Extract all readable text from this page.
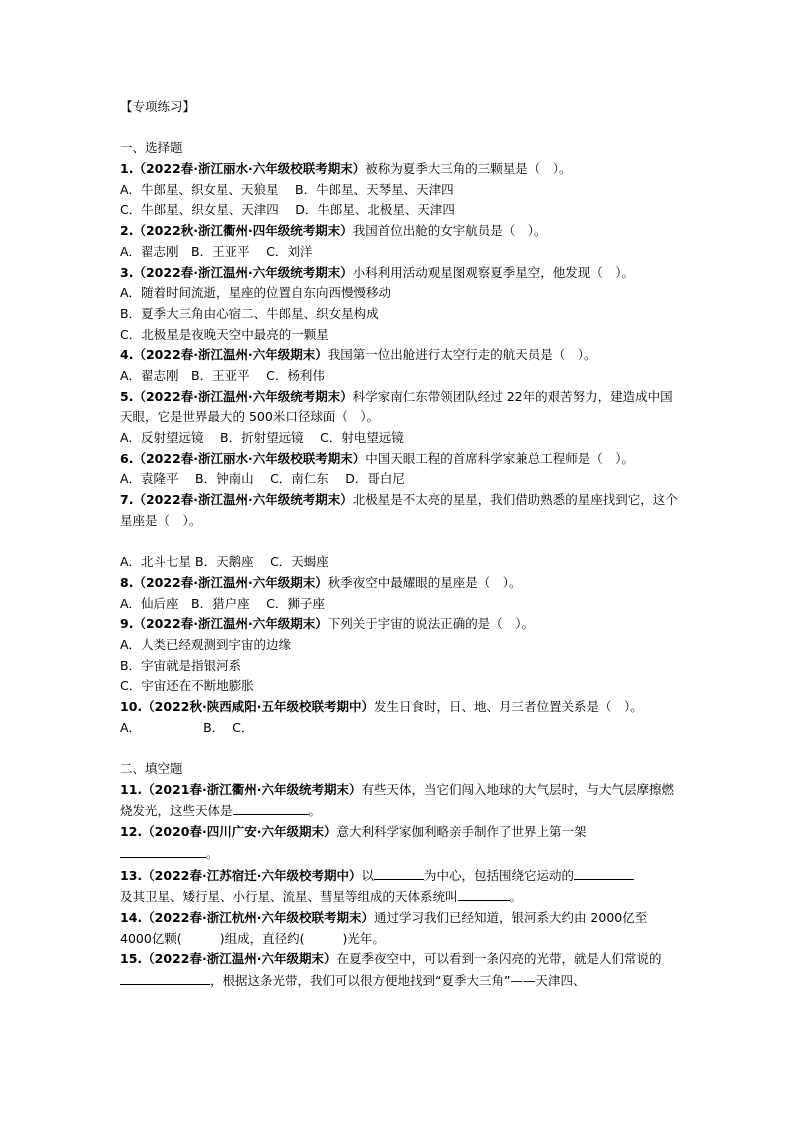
【专项练习】
一、选择题
1.（2022春·浙江丽水·六年级校联考期末）被称为夏季大三角的三颗星是（　）。
A．牛郎星、织女星、天狼星　 B．牛郎星、天琴星、天津四
C．牛郎星、织女星、天津四　 D．牛郎星、北极星、天津四
2.（2022秋·浙江衢州·四年级统考期末）我国首位出舱的女宇航员是（　）。
A．翟志刚　B．王亚平　 C．刘洋
3.（2022春·浙江温州·六年级统考期末）小科利用活动观星图观察夏季星空，他发现（　）。
A．随着时间流逝，星座的位置自东向西慢慢移动
B．夏季大三角由心宿二、牛郎星、织女星构成
C．北极星是夜晚天空中最亮的一颗星
4.（2022春·浙江温州·六年级期末）我国第一位出舱进行太空行走的航天员是（　）。
A．翟志刚　B．王亚平　 C．杨利伟
5.（2022春·浙江温州·六年级统考期末）科学家南仁东带领团队经过 22年的艰苦努力，建造成中国天眼，它是世界最大的 500米口径球面（　）。
A．反射望远镜　 B．折射望远镜　 C．射电望远镜
6.（2022春·浙江丽水·六年级校联考期末）中国天眼工程的首席科学家兼总工程师是（　）。
A．袁隆平　 B．钟南山　 C．南仁东　 D．哥白尼
7.（2022春·浙江温州·六年级统考期末）北极星是不太亮的星星，我们借助熟悉的星座找到它，这个星座是（　）。
A．北斗七星 B．天鹅座　 C．天蝎座
8.（2022春·浙江温州·六年级期末）秋季夜空中最耀眼的星座是（　）。
A．仙后座　B．猎户座　 C．狮子座
9.（2022春·浙江温州·六年级期末）下列关于宇宙的说法正确的是（　）。
A．人类已经观测到宇宙的边缘
B．宇宙就是指银河系
C．宇宙还在不断地膨胀
10.（2022秋·陕西咸阳·五年级校联考期中）发生日食时，日、地、月三者位置关系是（　）。
A．	B． C．
二、填空题
11.（2021春·浙江衢州·六年级统考期末）有些天体，当它们闯入地球的大气层时，与大气层摩擦燃烧发光，这些天体是	。
12.（2020春·四川广安·六年级期末）意大利科学家伽利略亲手制作了世界上第一架
。
13.（2022春·江苏宿迁·六年级校考期中）以	为中心，包括围绕它运动的
及其卫星、矮行星、小行星、流星、彗星等组成的天体系统叫	。
14.（2022春·浙江杭州·六年级校联考期末）通过学习我们已经知道，银河系大约由 2000亿至 4000亿颗(	)组成，直径约(	)光年。
15.（2022春·浙江温州·六年级期末）在夏季夜空中，可以看到一条闪亮的光带，就是人们常说的，根据这条光带，我们可以很方便地找到“夏季大三角”——天津四、
